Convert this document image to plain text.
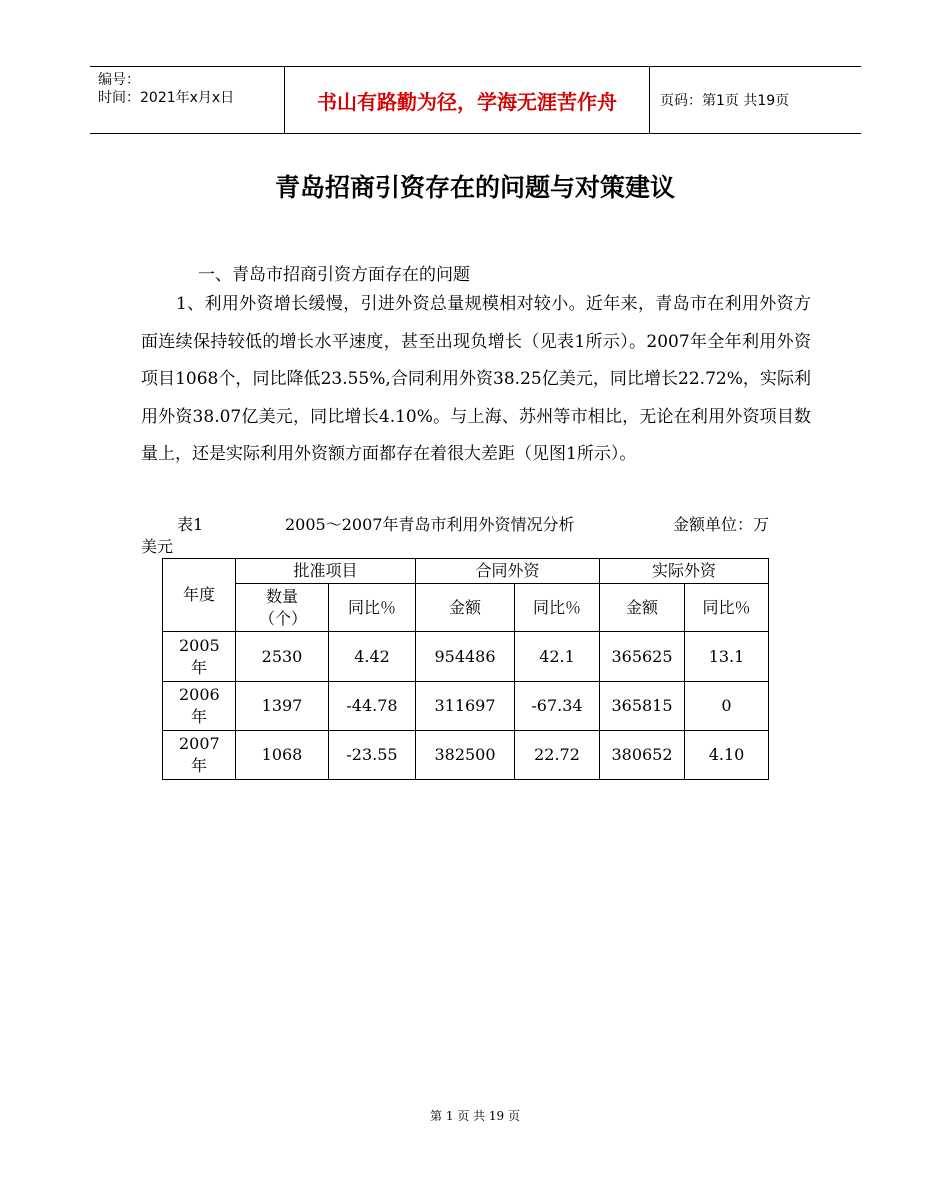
编号：
时间：2021年x月x日	书山有路勤为径，学海无涯苦作舟	页码：第1页 共19页
青岛招商引资存在的问题与对策建议
一、青岛市招商引资方面存在的问题
1、利用外资增长缓慢，引进外资总量规模相对较小。近年来，青岛市在利用外资方面连续保持较低的增长水平速度，甚至出现负增长（见表1所示）。2007年全年利用外资项目1068个，同比降低23.55%,合同利用外资38.25亿美元，同比增长22.72%，实际利用外资38.07亿美元，同比增长4.10%。与上海、苏州等市相比，无论在利用外资项目数量上，还是实际利用外资额方面都存在着很大差距（见图1所示）。
表1	2005～2007年青岛市利用外资情况分析	金额单位：万
美元
年度	批准项目		合同外资		实际外资	

	数量（个）	同比％	金额	同比％	金额	同比％

2005年	2530	4.42	954486	42.1	365625	13.1

2006年	1397	-44.78	311697	-67.34	365815	0

2007年	1068	-23.55	382500	22.72	380652	4.10
第 1 页 共 19 页
